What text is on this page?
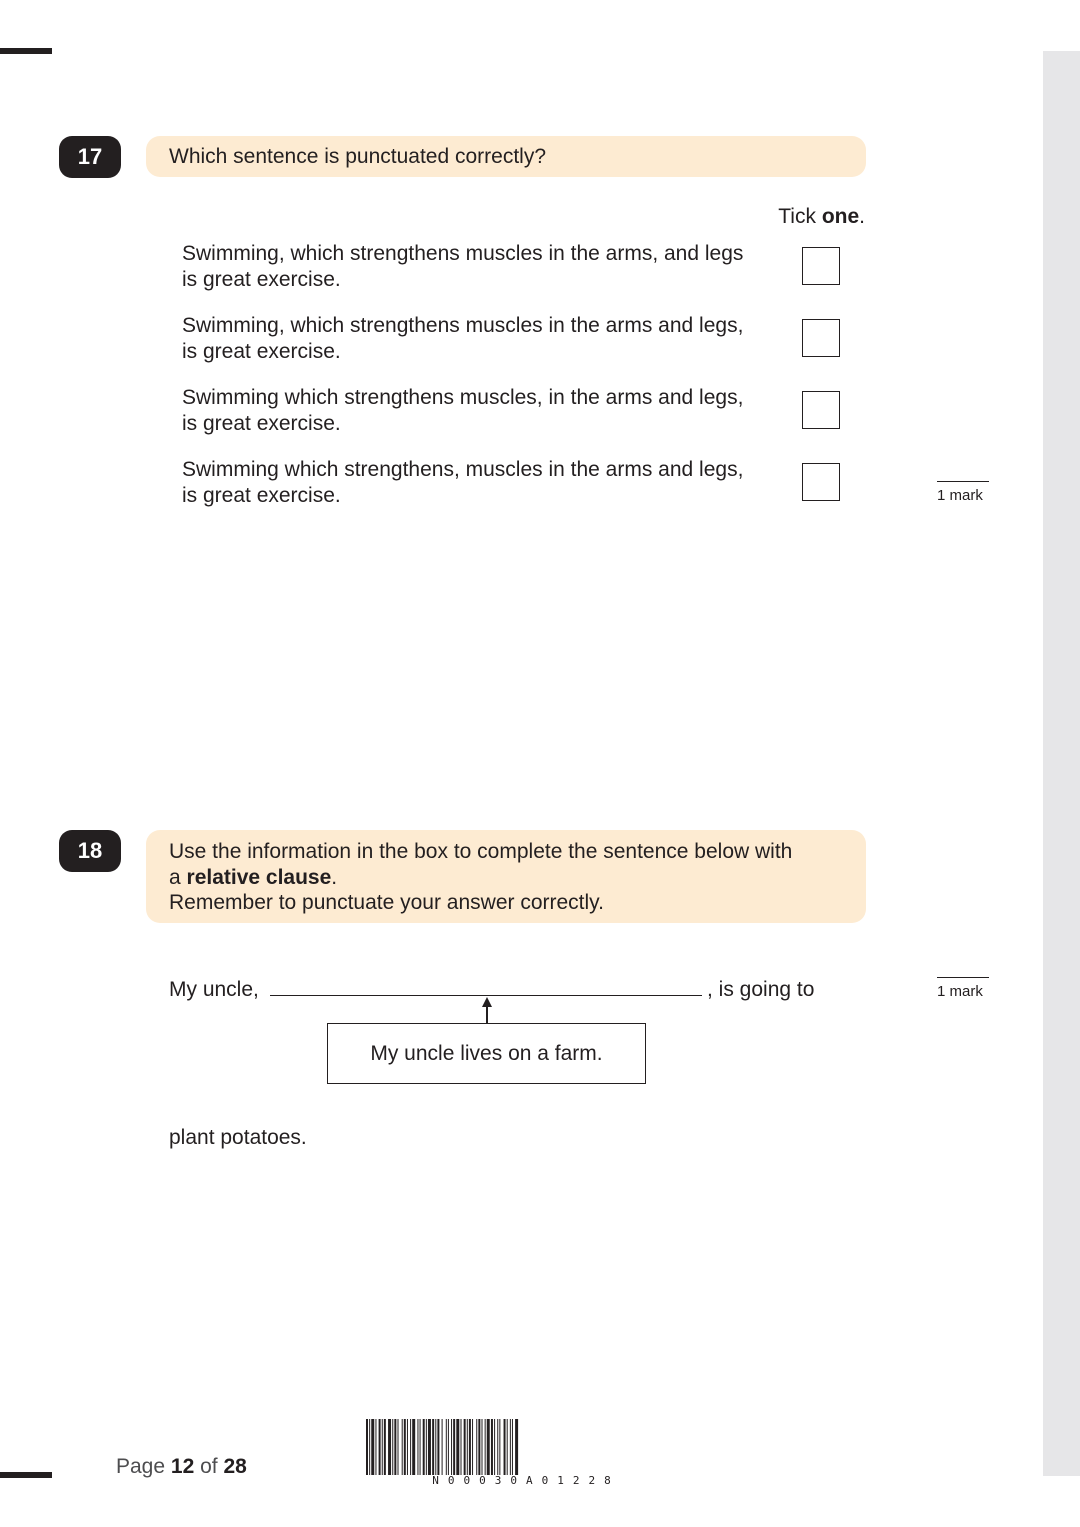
17	Which sentence is punctuated correctly?
Tick one.
Swimming, which strengthens muscles in the arms, and legs
is great exercise.
Swimming, which strengthens muscles in the arms and legs,
is great exercise.
Swimming which strengthens muscles, in the arms and legs,
is great exercise.
Swimming which strengthens, muscles in the arms and legs,
is great exercise.	1 mark
18	Use the information in the box to complete the sentence below with
a relative clause.
Remember to punctuate your answer correctly.
My uncle,	, is going to
My uncle lives on a farm.
plant potatoes.
1 mark
Page 12 of 28
N00030A01228
